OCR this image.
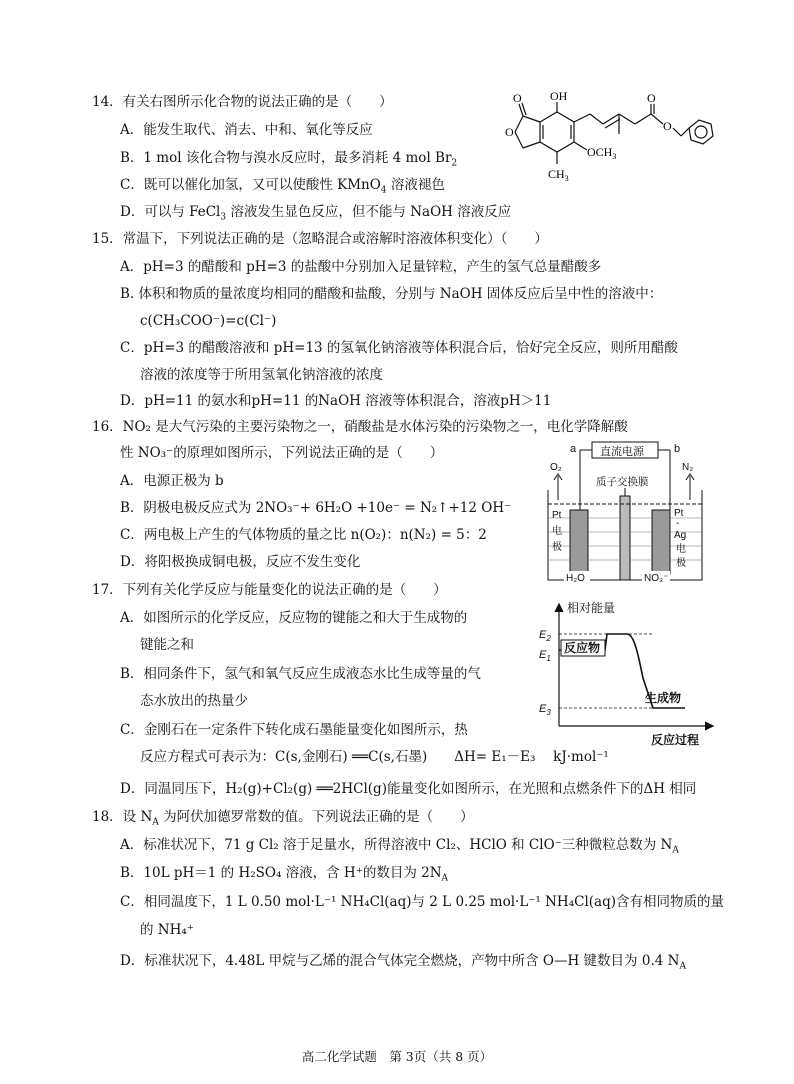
14．有关右图所示化合物的说法正确的是（　　）
A．能发生取代、消去、中和、氧化等反应
B．1 mol 该化合物与溴水反应时，最多消耗 4 mol $Br_2$
C．既可以催化加氢，又可以使酸性 KMnO$_4$ 溶液褪色
D．可以与 FeCl$_3$ 溶液发生显色反应，但不能与 NaOH 溶液反应
OH
O
O
$OCH_3$
$CH_3$
O
O
15．常温下，下列说法正确的是（忽略混合或溶解时溶液体积变化）（　　）
A．pH=3 的醋酸和 pH=3 的盐酸中分别加入足量锌粒，产生的氢气总量醋酸多
B. 体积和物质的量浓度均相同的醋酸和盐酸，分别与 NaOH 固体反应后呈中性的溶液中：
c(CH₃COO⁻)=c(Cl⁻)
C．pH=3 的醋酸溶液和 pH=13 的氢氧化钠溶液等体积混合后，恰好完全反应，则所用醋酸
溶液的浓度等于所用氢氧化钠溶液的浓度
D．pH=11 的氨水和pH=11 的NaOH 溶液等体积混合，溶液pH＞11
16．NO₂ 是大气污染的主要污染物之一，硝酸盐是水体污染的污染物之一，电化学降解酸
性 NO₃⁻的原理如图所示，下列说法正确的是（　　）
A．电源正极为 b
B．阴极电极反应式为 2NO₃⁻+ 6H₂O +10e⁻ = N₂↑+12 OH⁻
C．两电极上产生的气体物质的量之比 n(O₂)：n(N₂) = 5：2
D．将阳极换成铜电极，反应不发生变化
直流电源
a	b
O₂	N₂
质子交换膜
Pt
电
极
Pt
-
Ag
电
极
H₂O	NO₃⁻
17．下列有关化学反应与能量变化的说法正确的是（　　）
A．如图所示的化学反应，反应物的键能之和大于生成物的
键能之和
B．相同条件下，氢气和氧气反应生成液态水比生成等量的气
态水放出的热量少
C．金刚石在一定条件下转化成石墨能量变化如图所示，热
反应方程式可表示为：C(s,金刚石) ══C(s,石墨)　　ΔH= E₁－E₃　 kJ·mol⁻¹
D．同温同压下，H₂(g)+Cl₂(g) ══2HCl(g)能量变化如图所示，在光照和点燃条件下的ΔH 相同
相对能量
反应过程
$E_2$
$E_1$
$E_3$
反应物
生成物
18．设 $N_A$ 为阿伏加德罗常数的值。下列说法正确的是（　　）
A．标准状况下，71 g Cl₂ 溶于足量水，所得溶液中 Cl₂、HClO 和 ClO⁻三种微粒总数为 $N_A$
B．10L pH＝1 的 H₂SO₄ 溶液，含 H⁺的数目为 $2N_A$
C．相同温度下，1 L 0.50 mol·L⁻¹ NH₄Cl(aq)与 2 L 0.25 mol·L⁻¹ NH₄Cl(aq)含有相同物质的量
的 NH₄⁺
D．标准状况下，4.48L 甲烷与乙烯的混合气体完全燃烧，产物中所含 O—H 键数目为 0.4 $N_A$
高二化学试题　第 3页（共 8 页）
